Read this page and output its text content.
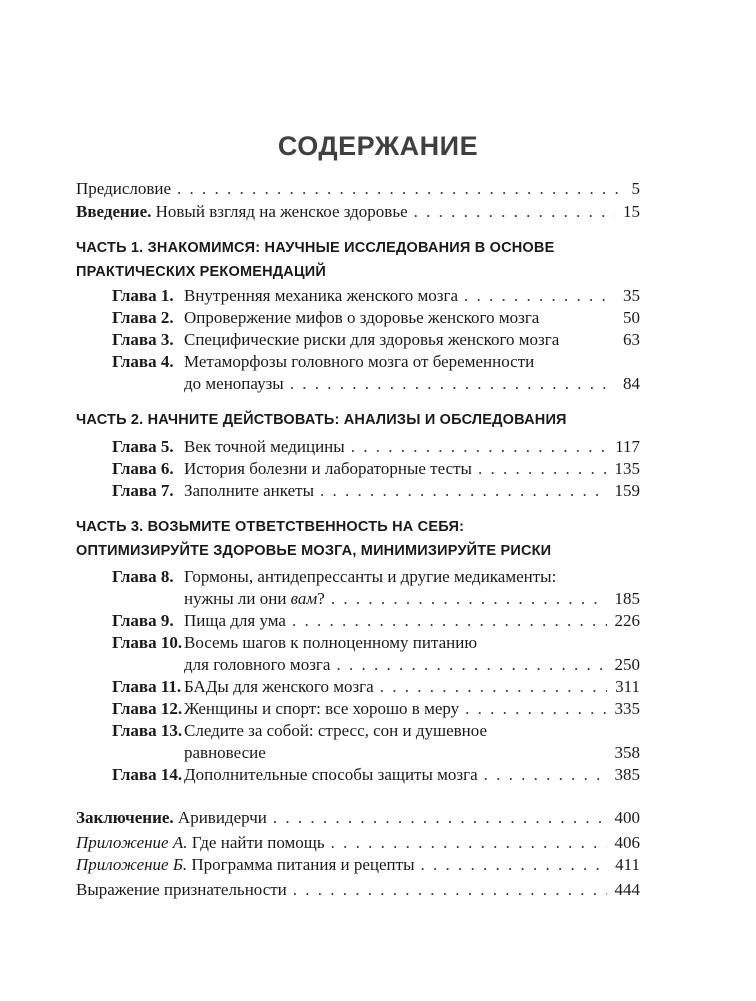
СОДЕРЖАНИЕ
Предисловие . . .	5
Введение. Новый взгляд на женское здоровье . . .	15
ЧАСТЬ 1. ЗНАКОМИМСЯ: НАУЧНЫЕ ИССЛЕДОВАНИЯ В ОСНОВЕ
ПРАКТИЧЕСКИХ РЕКОМЕНДАЦИЙ
Глава 1. Внутренняя механика женского мозга . . .	35
Глава 2. Опровержение мифов о здоровье женского мозга	50
Глава 3. Специфические риски для здоровья женского мозга	63
Глава 4. Метаморфозы головного мозга от беременности
до менопаузы . . .	84
ЧАСТЬ 2. НАЧНИТЕ ДЕЙСТВОВАТЬ: АНАЛИЗЫ И ОБСЛЕДОВАНИЯ
Глава 5. Век точной медицины . . .	117
Глава 6. История болезни и лабораторные тесты . . .	135
Глава 7. Заполните анкеты . . .	159
ЧАСТЬ 3. ВОЗЬМИТЕ ОТВЕТСТВЕННОСТЬ НА СЕБЯ:
ОПТИМИЗИРУЙТЕ ЗДОРОВЬЕ МОЗГА, МИНИМИЗИРУЙТЕ РИСКИ
Глава 8. Гормоны, антидепрессанты и другие медикаменты:
нужны ли они вам? . . .	185
Глава 9. Пища для ума . . .	226
Глава 10. Восемь шагов к полноценному питанию
для головного мозга . . .	250
Глава 11. БАДы для женского мозга . . .	311
Глава 12. Женщины и спорт: все хорошо в меру . . .	335
Глава 13. Следите за собой: стресс, сон и душевное
равновесие	358
Глава 14. Дополнительные способы защиты мозга . . .	385
Заключение. Аривидерчи . . .	400
Приложение А. Где найти помощь . . .	406
Приложение Б. Программа питания и рецепты . . .	411
Выражение признательности . . .	444
